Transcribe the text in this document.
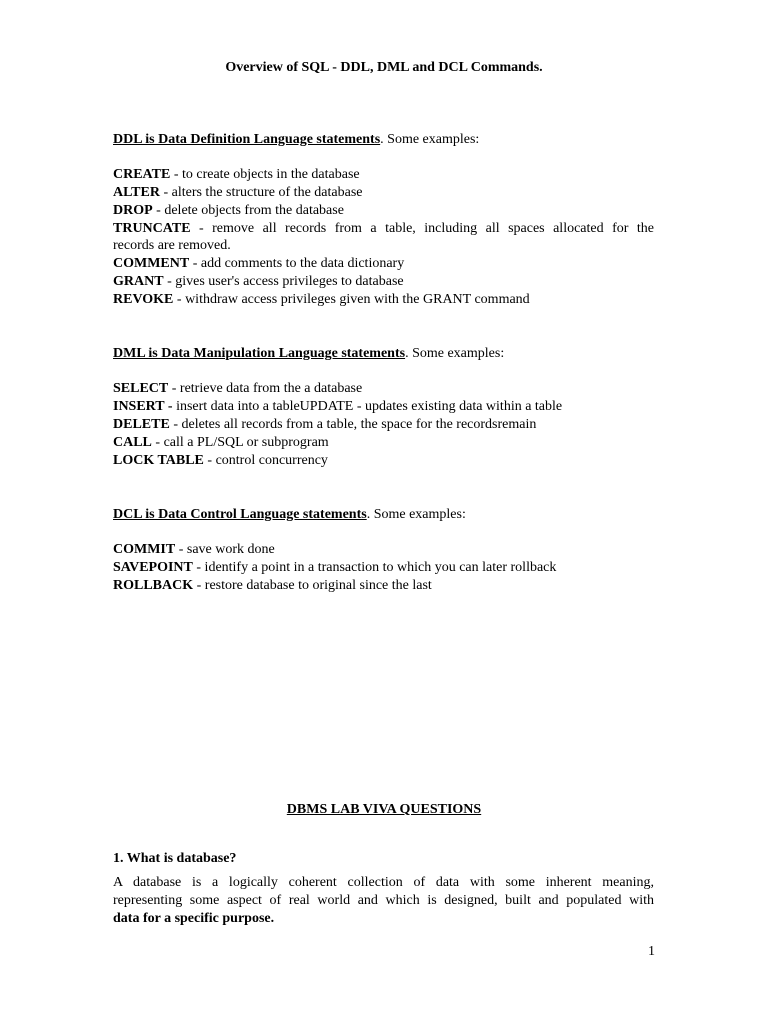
Overview of SQL - DDL, DML and DCL Commands.
DDL is Data Definition Language statements. Some examples:
CREATE - to create objects in the database
ALTER - alters the structure of the database
DROP - delete objects from the database
TRUNCATE - remove all records from a table, including all spaces allocated for the
records are removed.
COMMENT - add comments to the data dictionary
GRANT - gives user's access privileges to database
REVOKE - withdraw access privileges given with the GRANT command
DML is Data Manipulation Language statements. Some examples:
SELECT - retrieve data from the a database
INSERT - insert data into a tableUPDATE - updates existing data within a table
DELETE - deletes all records from a table, the space for the recordsremain
CALL - call a PL/SQL or subprogram
LOCK TABLE - control concurrency
DCL is Data Control Language statements. Some examples:
COMMIT - save work done
SAVEPOINT - identify a point in a transaction to which you can later rollback
ROLLBACK - restore database to original since the last
DBMS LAB VIVA QUESTIONS
1. What is database?
A database is a logically coherent collection of data with some inherent meaning,
representing some aspect of real world and which is designed, built and populated with
data for a specific purpose.
1
